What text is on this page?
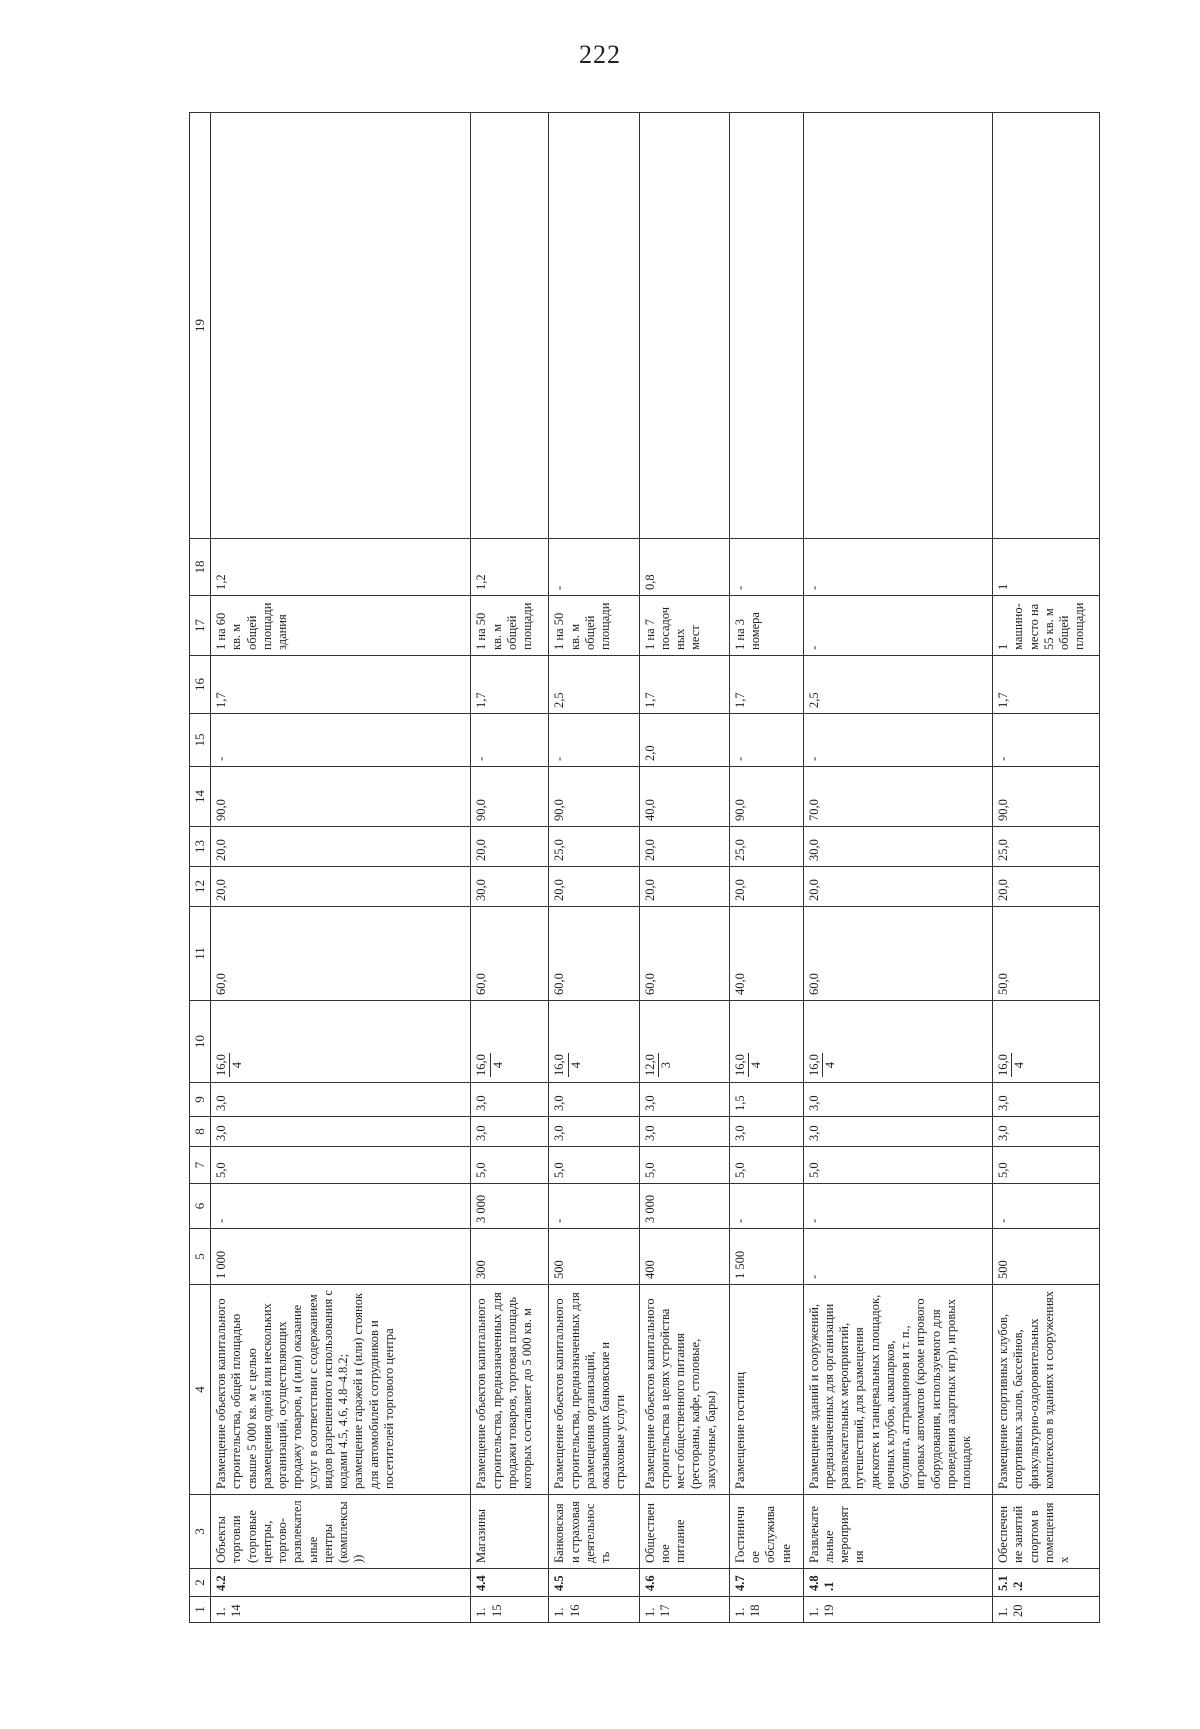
222
1	2	3	4	5	6	7	8	9	10	11	12	13	14	15	16	17	18	19
1.14	4.2	Объекты торговли (торговые центры, торгово-развлекательные центры (комплексы))	Размещение объектов капитального строительства, общей площадью свыше 5 000 кв. м с целью размещения одной или нескольких организаций, осуществляющих продажу товаров, и (или) оказание услуг в соответствии с содержанием видов разрешенного использования с кодами 4.5, 4.6, 4.8–4.8.2; размещение гаражей и (или) стоянок для автомобилей сотрудников и посетителей торгового центра	1 000	-	5,0	3,0	3,0	16,0 4	60,0	20,0	20,0	90,0	-	1,7	1 на 60 кв. м общей площади здания	1,2	
1.15	4.4	Магазины	Размещение объектов капитального строительства, предназначенных для продажи товаров, торговая площадь которых составляет до 5 000 кв. м	300	3 000	5,0	3,0	3,0	16,0 4	60,0	30,0	20,0	90,0	-	1,7	1 на 50 кв. м общей площади	1,2	
1.16	4.5	Банковская и страховая деятельность	Размещение объектов капитального строительства, предназначенных для размещения организаций, оказывающих банковские и страховые услуги	500	-	5,0	3,0	3,0	16,0 4	60,0	20,0	25,0	90,0	-	2,5	1 на 50 кв. м общей площади	-	
1.17	4.6	Общественное питание	Размещение объектов капитального строительства в целях устройства мест общественного питания (рестораны, кафе, столовые, закусочные, бары)	400	3 000	5,0	3,0	3,0	12,0 3	60,0	20,0	20,0	40,0	2,0	1,7	1 на 7 посадочных мест	0,8	
1.18	4.7	Гостиничное обслуживание	Размещение гостиниц	1 500	-	5,0	3,0	1,5	16,0 4	40,0	20,0	25,0	90,0	-	1,7	1 на 3 номера	-	
1.19	4.8.1	Развлекательные мероприятия	Размещение зданий и сооружений, предназначенных для организации развлекательных мероприятий, путешествий, для размещения дискотек и танцевальных площадок, ночных клубов, аквапарков, боулинга, аттракционов и т. п., игровых автоматов (кроме игрового оборудования, используемого для проведения азартных игр), игровых площадок	-	-	5,0	3,0	3,0	16,0 4	60,0	20,0	30,0	70,0	-	2,5	-	-	
1.20	5.1.2	Обеспечение занятий спортом в помещениях	Размещение спортивных клубов, спортивных залов, бассейнов, физкультурно-оздоровительных комплексов в зданиях и сооружениях	500	-	5,0	3,0	3,0	16,0 4	50,0	20,0	25,0	90,0	-	1,7	1 машино-место на 55 кв. м общей площади	1	
